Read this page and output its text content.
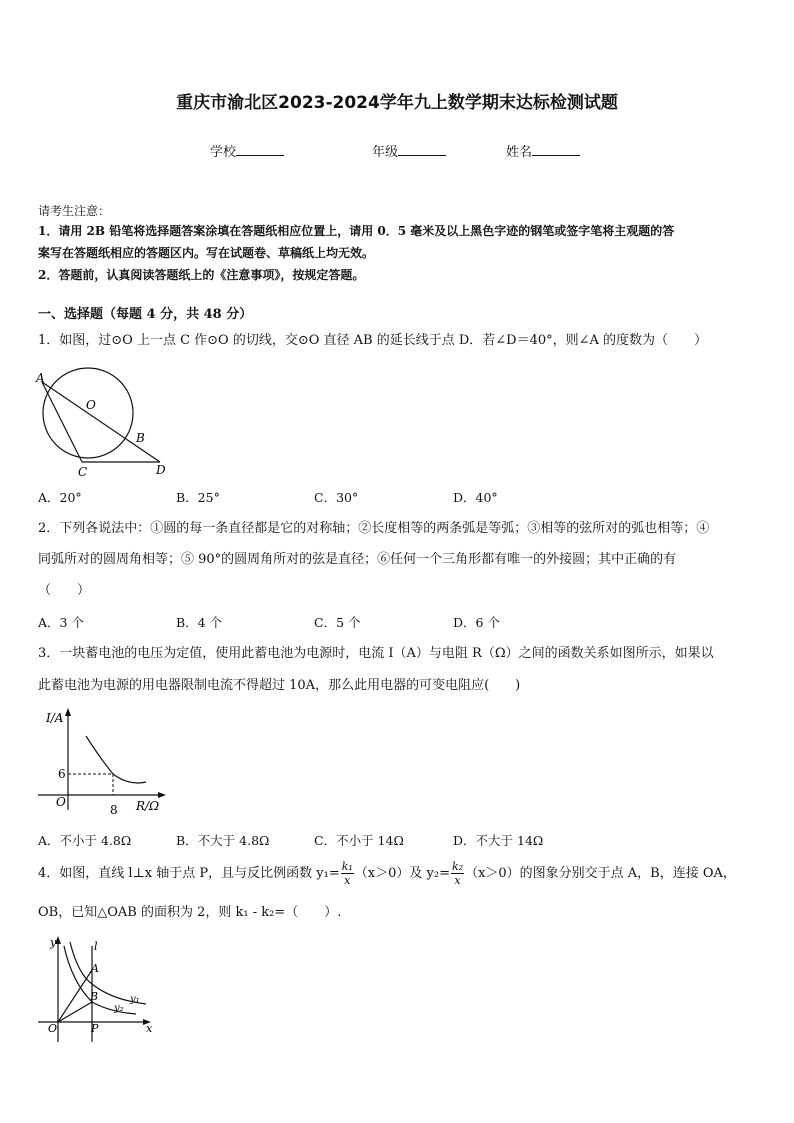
重庆市渝北区2023-2024学年九上数学期末达标检测试题
学校	年级	姓名
请考生注意：
1．请用 2B 铅笔将选择题答案涂填在答题纸相应位置上，请用 0．5 毫米及以上黑色字迹的钢笔或签字笔将主观题的答
案写在答题纸相应的答题区内。写在试题卷、草稿纸上均无效。
2．答题前，认真阅读答题纸上的《注意事项》，按规定答题。
一、选择题（每题 4 分，共 48 分）
1．如图，过⊙O 上一点 C 作⊙O 的切线，交⊙O 直径 AB 的延长线于点 D．若∠D＝40°，则∠A 的度数为（　　）
A
O
B
C	D
A．20°	B．25°	C．30°	D．40°
2．下列各说法中：①圆的每一条直径都是它的对称轴；②长度相等的两条弧是等弧；③相等的弦所对的弧也相等；④
同弧所对的圆周角相等；⑤ 90°的圆周角所对的弦是直径；⑥任何一个三角形都有唯一的外接圆；其中正确的有
（　　）
A．3 个	B．4 个	C．5 个	D．6 个
3．一块蓄电池的电压为定值，使用此蓄电池为电源时，电流 I（A）与电阻 R（Ω）之间的函数关系如图所示，如果以
此蓄电池为电源的用电器限制电流不得超过 10A，那么此用电器的可变电阻应(　　)
I/A
R/Ω
O
6
8
A．不小于 4.8Ω	B．不大于 4.8Ω	C．不小于 14Ω	D．不大于 14Ω
4．如图，直线 l⊥x 轴于点 P，且与反比例函数 $y_1= \frac{\text{k₁}}{x} (x>0)$及 $y_2= \frac{\text{k₂}}{x} (x>0)$的图象分别交于点 A，B，连接 OA，
OB，已知△OAB 的面积为 2，则 k₁ - k₂=（　　）.
y
x
l
A
B
O	P
y₁
y₂
